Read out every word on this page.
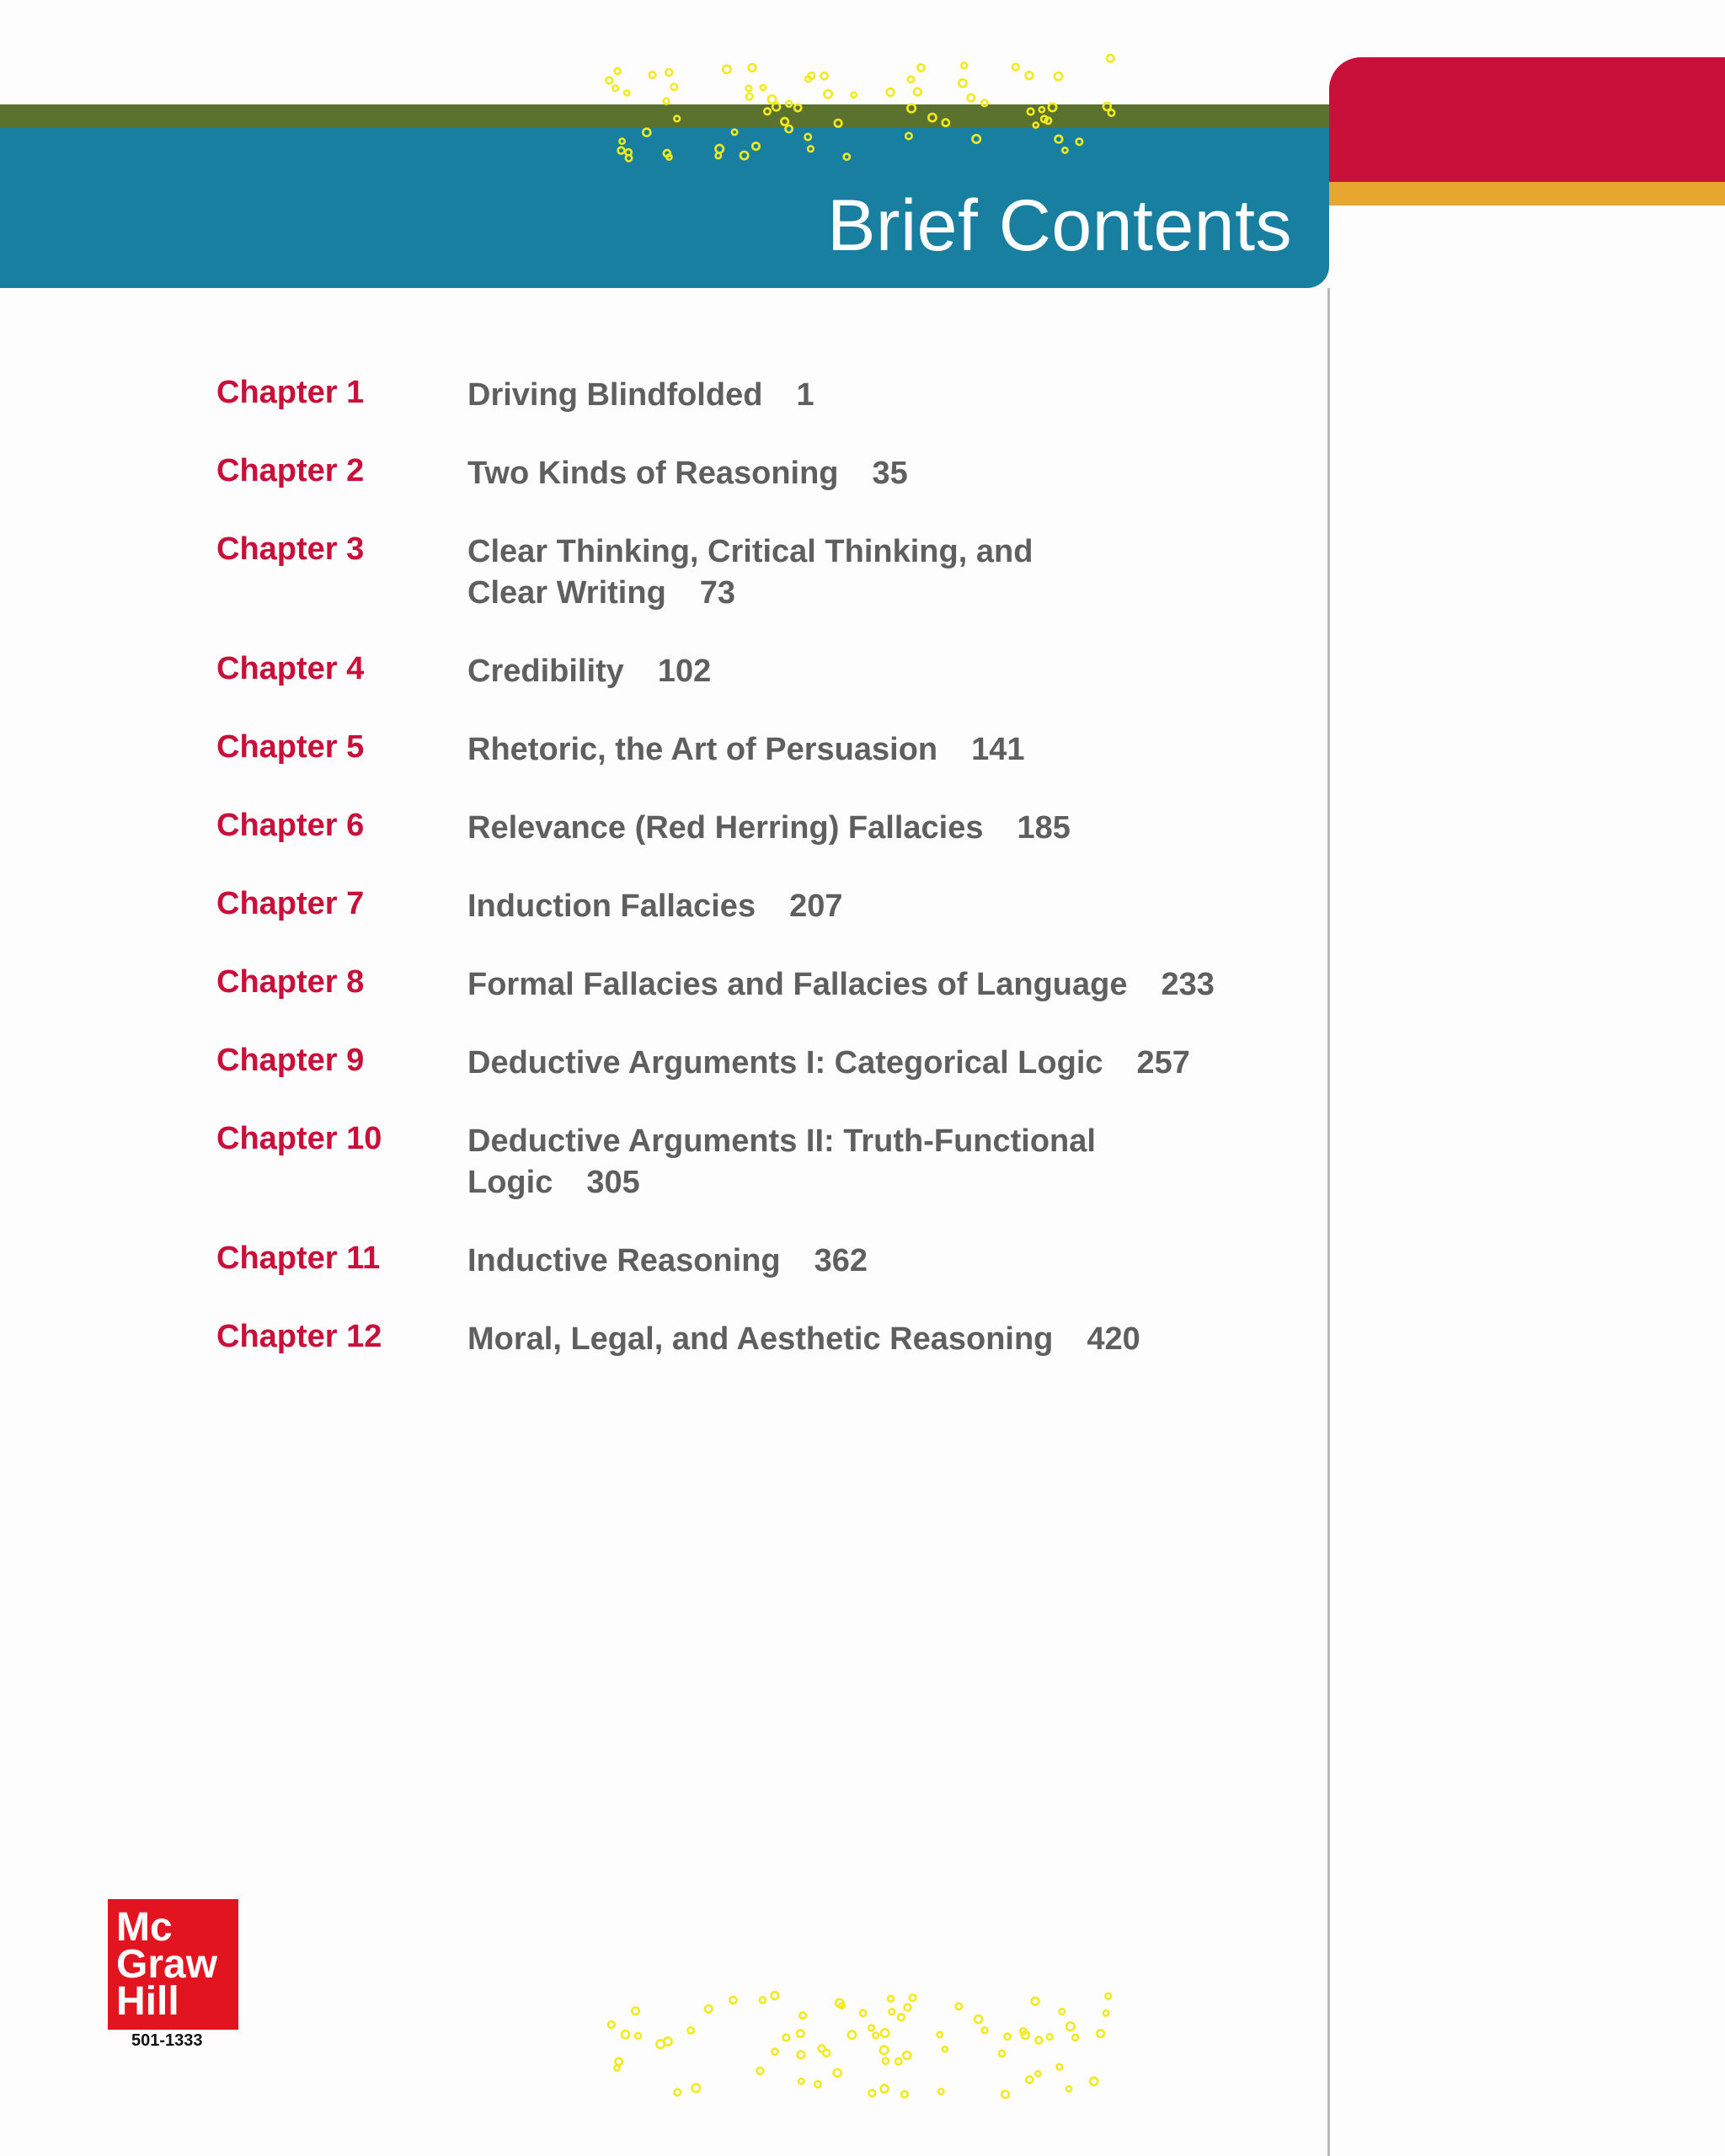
Brief Contents
Chapter 1	Driving Blindfolded 1
Chapter 2	Two Kinds of Reasoning 35
Chapter 3	Clear Thinking, Critical Thinking, and
Clear Writing 73
Chapter 4	Credibility 102
Chapter 5	Rhetoric, the Art of Persuasion 141
Chapter 6	Relevance (Red Herring) Fallacies 185
Chapter 7	Induction Fallacies 207
Chapter 8	Formal Fallacies and Fallacies of Language 233
Chapter 9	Deductive Arguments I: Categorical Logic 257
Chapter 10	Deductive Arguments II: Truth-Functional
Logic 305
Chapter 11	Inductive Reasoning 362
Chapter 12	Moral, Legal, and Aesthetic Reasoning 420
Mc
Graw
Hill
501-1333
